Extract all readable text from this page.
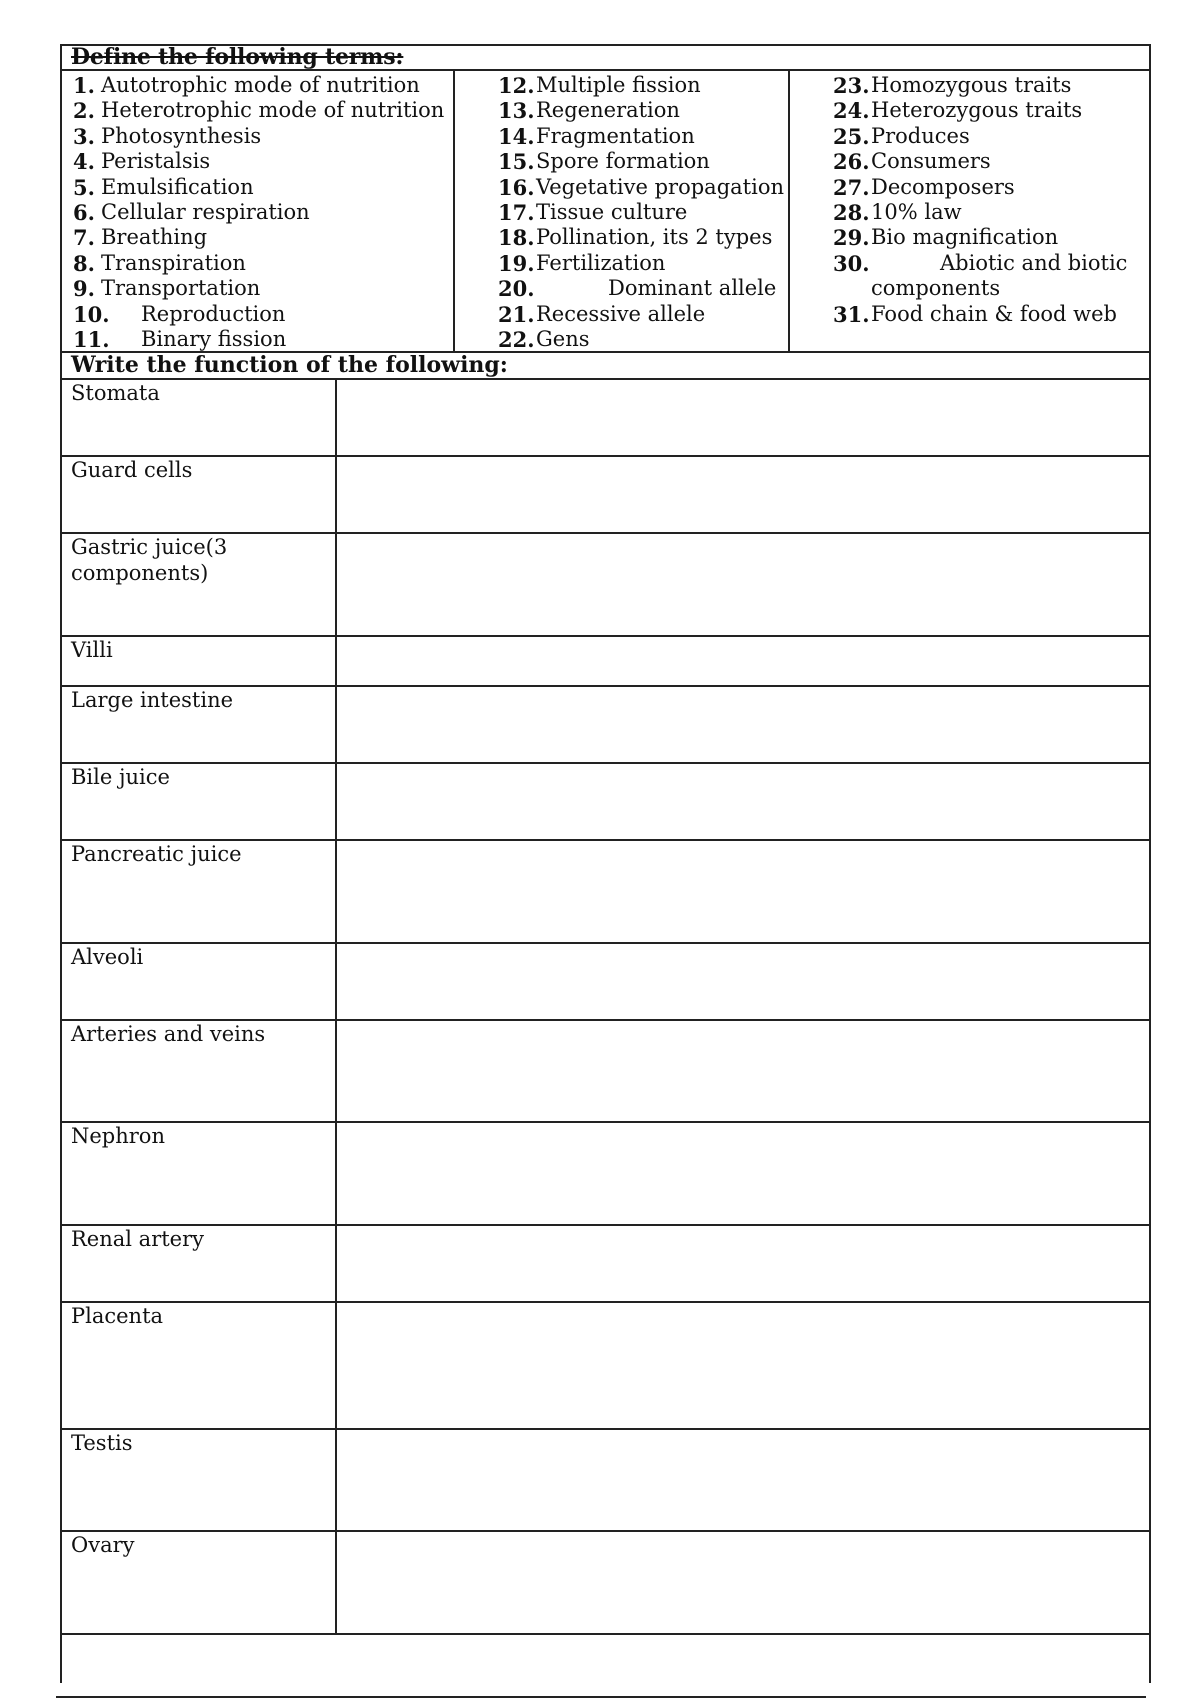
Define the following terms:
1. Autotrophic mode of nutrition
2. Heterotrophic mode of nutrition
3. Photosynthesis
4. Peristalsis
5. Emulsification
6. Cellular respiration
7. Breathing
8. Transpiration
9. Transportation
10.	Reproduction
11.	Binary fission
12. Multiple fission
13. Regeneration
14. Fragmentation
15. Spore formation
16. Vegetative propagation
17. Tissue culture
18. Pollination, its 2 types
19. Fertilization
20.	Dominant allele
21. Recessive allele
22. Gens
23. Homozygous traits
24. Heterozygous traits
25. Produces
26. Consumers
27. Decomposers
28. 10% law
29. Bio magnification
30.	Abiotic and biotic
components
31. Food chain & food web
Write the function of the following:
Stomata
Guard cells
Gastric juice(3 components)
Villi
Large intestine
Bile juice
Pancreatic juice
Alveoli
Arteries and veins
Nephron
Renal artery
Placenta
Testis
Ovary
